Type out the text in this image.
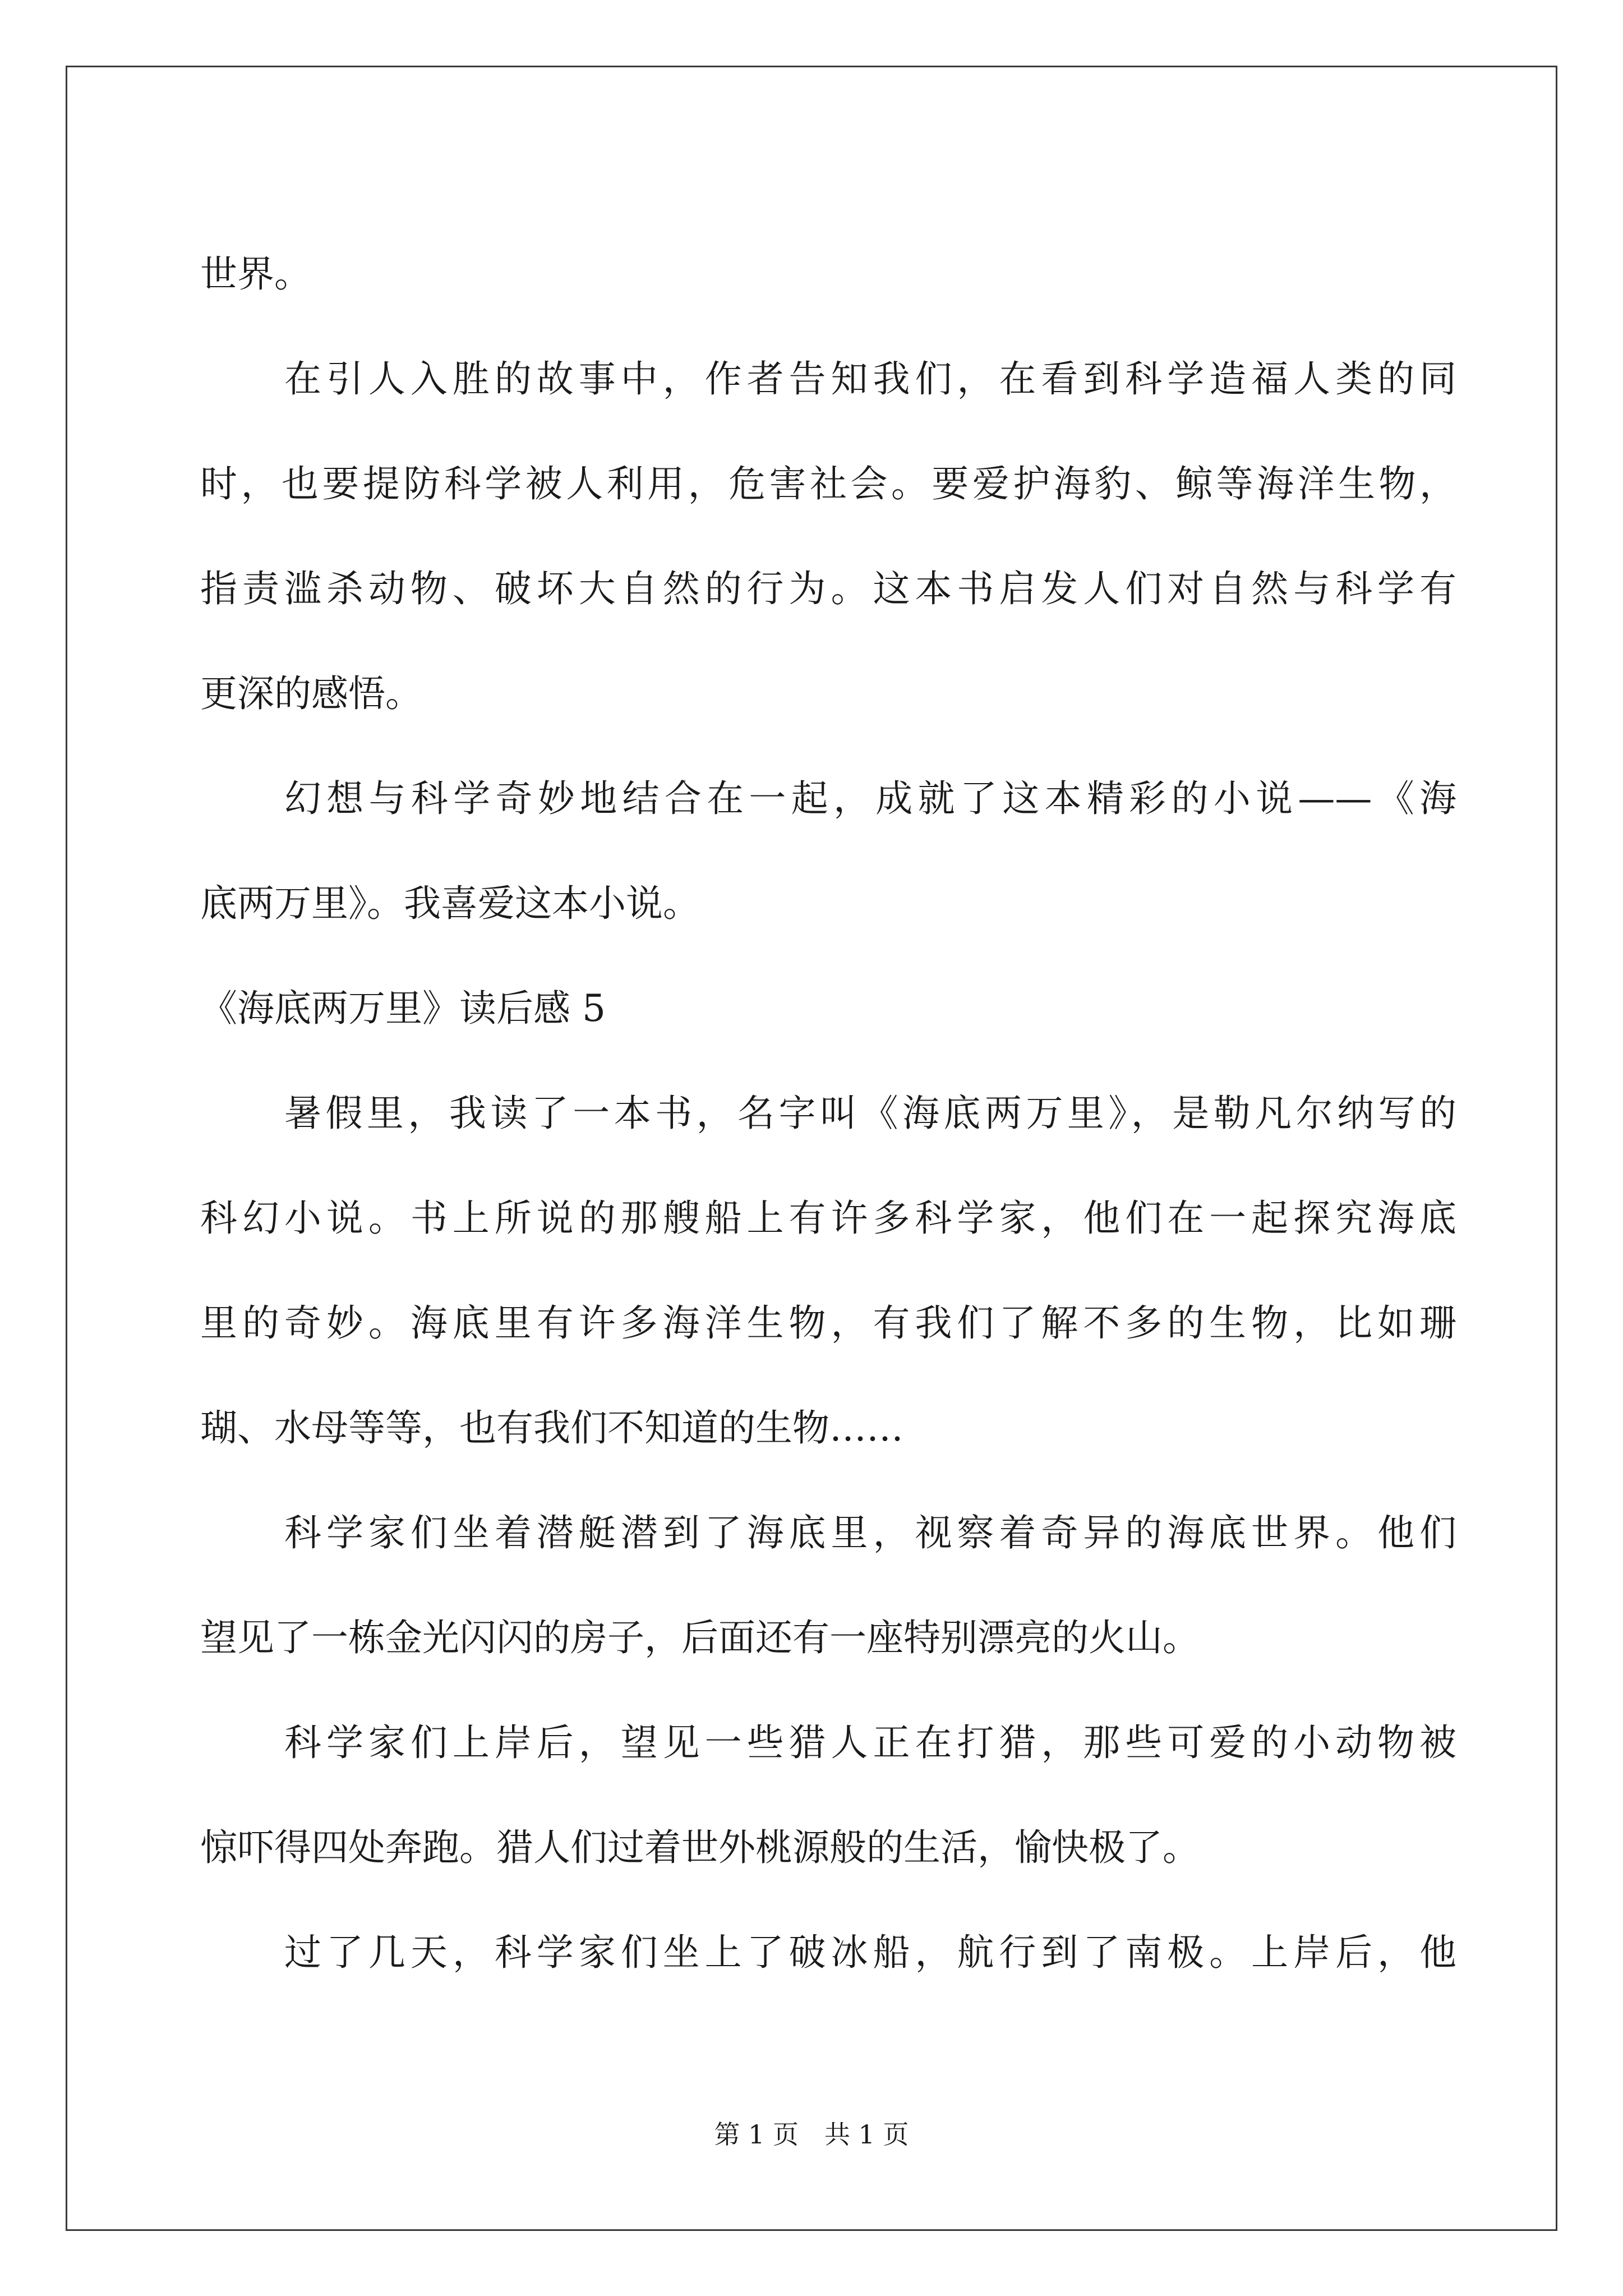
世界。
在引人入胜的故事中，作者告知我们，在看到科学造福人类的同
时，也要提防科学被人利用，危害社会。要爱护海豹、鲸等海洋生物，
指责滥杀动物、破坏大自然的行为。这本书启发人们对自然与科学有
更深的感悟。
幻想与科学奇妙地结合在一起，成就了这本精彩的小说——《海
底两万里》。我喜爱这本小说。
《海底两万里》读后感 5
暑假里，我读了一本书，名字叫《海底两万里》，是勒凡尔纳写的
科幻小说。书上所说的那艘船上有许多科学家，他们在一起探究海底
里的奇妙。海底里有许多海洋生物，有我们了解不多的生物，比如珊
瑚、水母等等，也有我们不知道的生物……
科学家们坐着潜艇潜到了海底里，视察着奇异的海底世界。他们
望见了一栋金光闪闪的房子，后面还有一座特别漂亮的火山。
科学家们上岸后，望见一些猎人正在打猎，那些可爱的小动物被
惊吓得四处奔跑。猎人们过着世外桃源般的生活，愉快极了。
过了几天，科学家们坐上了破冰船，航行到了南极。上岸后，他
第 1 页　共 1 页
